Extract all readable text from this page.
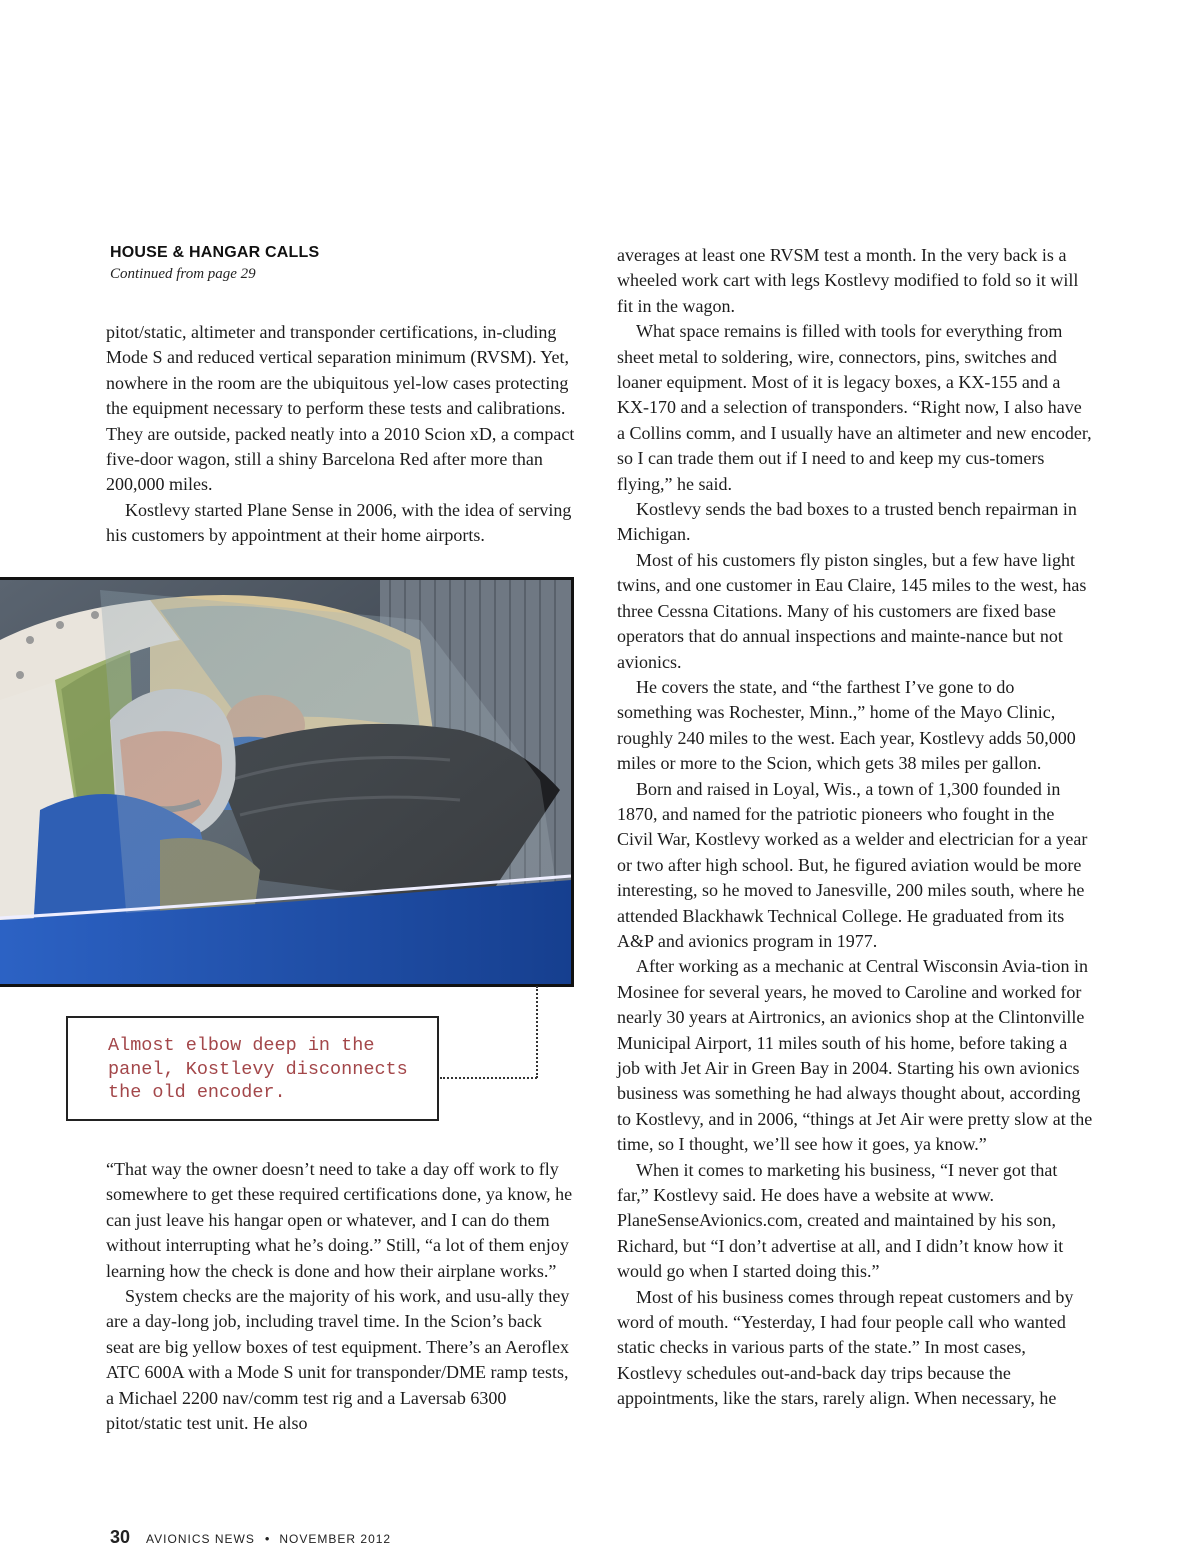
HOUSE & HANGAR CALLS
Continued from page 29

pitot/static, altimeter and transponder certifications, in-cluding Mode S and reduced vertical separation minimum (RVSM). Yet, nowhere in the room are the ubiquitous yel-low cases protecting the equipment necessary to perform these tests and calibrations. They are outside, packed neatly into a 2010 Scion xD, a compact five-door wagon, still a shiny Barcelona Red after more than 200,000 miles.

Kostlevy started Plane Sense in 2006, with the idea of serving his customers by appointment at their home airports.

Almost elbow deep in the panel, Kostlevy disconnects the old encoder.

“That way the owner doesn’t need to take a day off work to fly somewhere to get these required certifications done, ya know, he can just leave his hangar open or whatever, and I can do them without interrupting what he’s doing.” Still, “a lot of them enjoy learning how the check is done and how their airplane works.”

System checks are the majority of his work, and usu-ally they are a day-long job, including travel time. In the Scion’s back seat are big yellow boxes of test equipment. There’s an Aeroflex ATC 600A with a Mode S unit for transponder/DME ramp tests, a Michael 2200 nav/comm test rig and a Laversab 6300 pitot/static test unit. He also

averages at least one RVSM test a month. In the very back is a wheeled work cart with legs Kostlevy modified to fold so it will fit in the wagon.

What space remains is filled with tools for everything from sheet metal to soldering, wire, connectors, pins, switches and loaner equipment. Most of it is legacy boxes, a KX-155 and a KX-170 and a selection of transponders. “Right now, I also have a Collins comm, and I usually have an altimeter and new encoder, so I can trade them out if I need to and keep my cus-tomers flying,” he said.

Kostlevy sends the bad boxes to a trusted bench repairman in Michigan.

Most of his customers fly piston singles, but a few have light twins, and one customer in Eau Claire, 145 miles to the west, has three Cessna Citations. Many of his customers are fixed base operators that do annual inspections and mainte-nance but not avionics.

He covers the state, and “the farthest I’ve gone to do something was Rochester, Minn.,” home of the Mayo Clinic, roughly 240 miles to the west. Each year, Kostlevy adds 50,000 miles or more to the Scion, which gets 38 miles per gallon.

Born and raised in Loyal, Wis., a town of 1,300 founded in 1870, and named for the patriotic pioneers who fought in the Civil War, Kostlevy worked as a welder and electrician for a year or two after high school. But, he figured aviation would be more interesting, so he moved to Janesville, 200 miles south, where he attended Blackhawk Technical College. He graduated from its A&P and avionics program in 1977.

After working as a mechanic at Central Wisconsin Avia-tion in Mosinee for several years, he moved to Caroline and worked for nearly 30 years at Airtronics, an avionics shop at the Clintonville Municipal Airport, 11 miles south of his home, before taking a job with Jet Air in Green Bay in 2004. Starting his own avionics business was something he had always thought about, according to Kostlevy, and in 2006, “things at Jet Air were pretty slow at the time, so I thought, we’ll see how it goes, ya know.”

When it comes to marketing his business, “I never got that far,” Kostlevy said. He does have a website at www. PlaneSenseAvionics.com, created and maintained by his son, Richard, but “I don’t advertise at all, and I didn’t know how it would go when I started doing this.”

Most of his business comes through repeat customers and by word of mouth. “Yesterday, I had four people call who wanted static checks in various parts of the state.” In most cases, Kostlevy schedules out-and-back day trips because the appointments, like the stars, rarely align. When necessary, he

30 AVIONICS NEWS • NOVEMBER 2012
